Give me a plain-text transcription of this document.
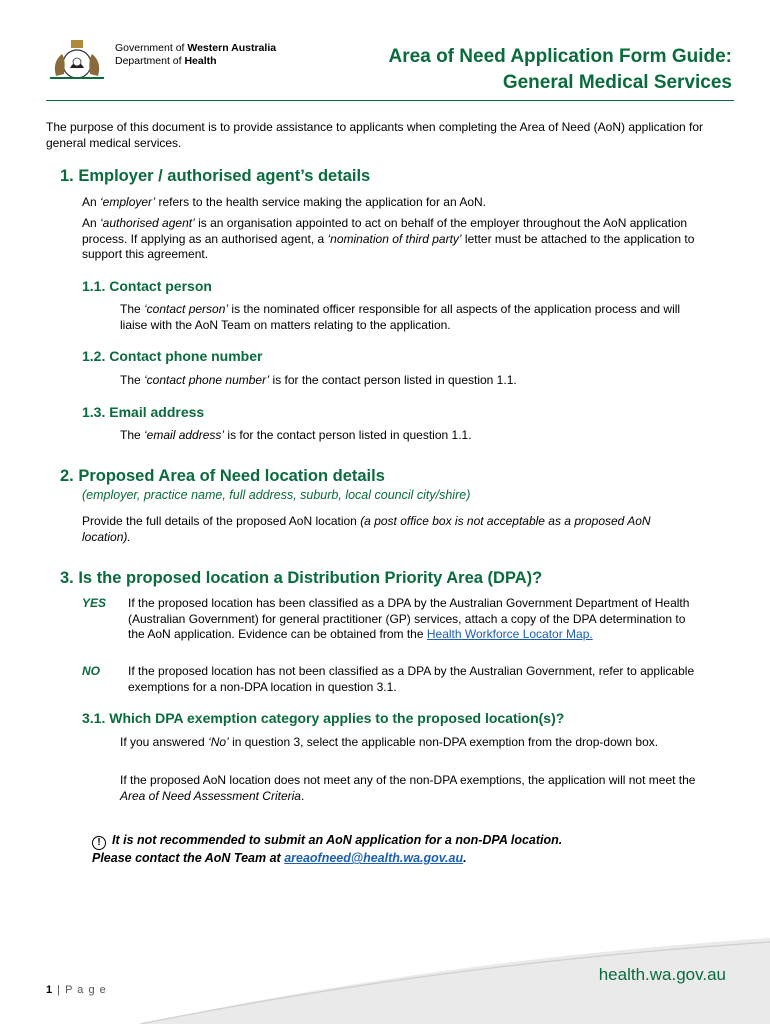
Government of Western Australia
Department of Health	Area of Need Application Form Guide:
General Medical Services

The purpose of this document is to provide assistance to applicants when completing the Area of Need (AoN) application for general medical services.

1. Employer / authorised agent’s details

An ‘employer’ refers to the health service making the application for an AoN.

An ‘authorised agent’ is an organisation appointed to act on behalf of the employer throughout the AoN application process. If applying as an authorised agent, a ‘nomination of third party’ letter must be attached to the application to support this agreement.

1.1. Contact person

The ‘contact person’ is the nominated officer responsible for all aspects of the application process and will liaise with the AoN Team on matters relating to the application.

1.2. Contact phone number

The ‘contact phone number’ is for the contact person listed in question 1.1.

1.3. Email address

The ‘email address’ is for the contact person listed in question 1.1.

2. Proposed Area of Need location details

(employer, practice name, full address, suburb, local council city/shire)

Provide the full details of the proposed AoN location (a post office box is not acceptable as a proposed AoN location).

3. Is the proposed location a Distribution Priority Area (DPA)?
YES If the proposed location has been classified as a DPA by the Australian Government Department of Health (Australian Government) for general practitioner (GP) services, attach a copy of the DPA determination to the AoN application. Evidence can be obtained from the Health Workforce Locator Map.

NO If the proposed location has not been classified as a DPA by the Australian Government, refer to applicable exemptions for a non-DPA location in question 3.1.

3.1. Which DPA exemption category applies to the proposed location(s)?

If you answered ‘No’ in question 3, select the applicable non-DPA exemption from the drop-down box.

If the proposed AoN location does not meet any of the non-DPA exemptions, the application will not meet the Area of Need Assessment Criteria.

! It is not recommended to submit an AoN application for a non-DPA location.
Please contact the AoN Team at areaofneed@health.wa.gov.au.
health.wa.gov.au
1 | P a g e
